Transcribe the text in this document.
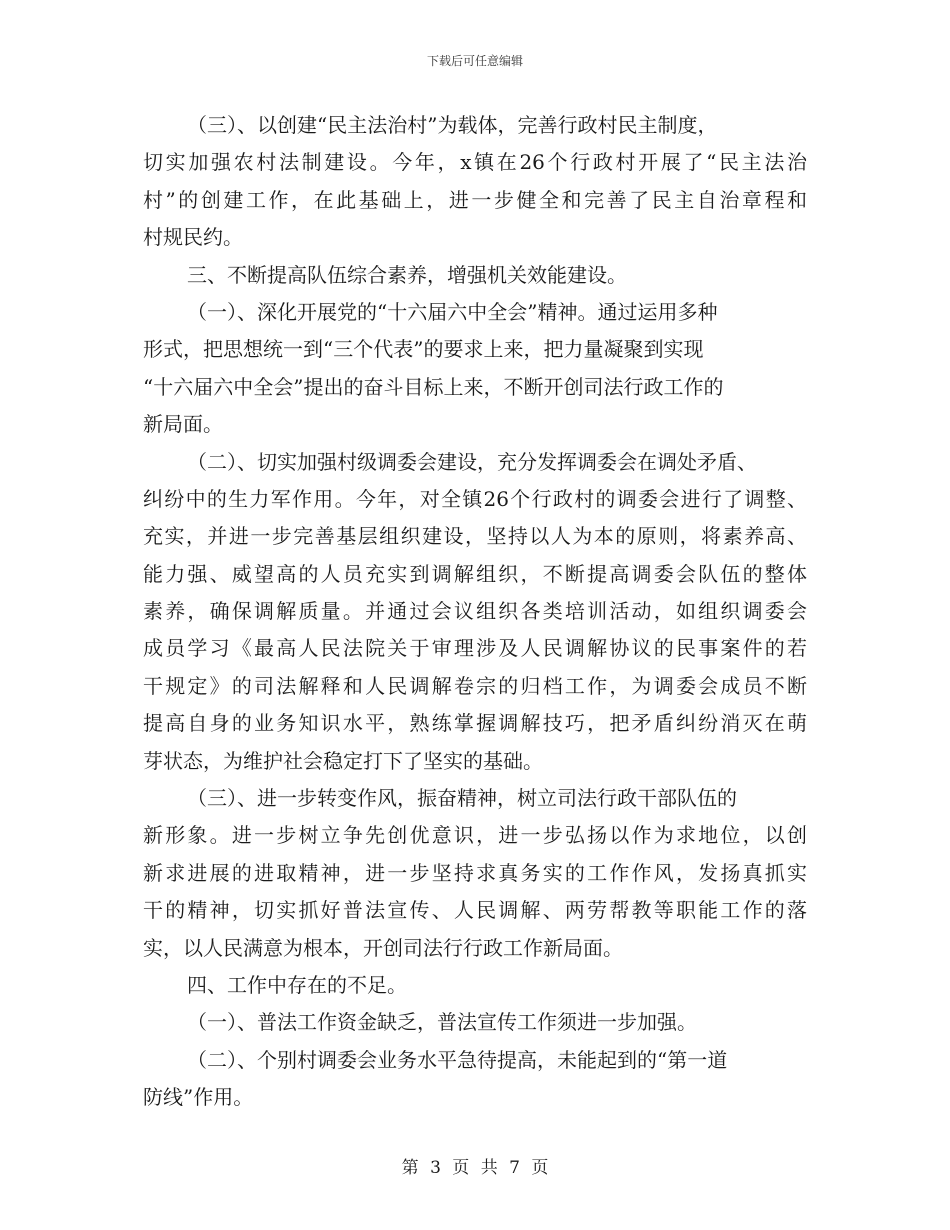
下载后可任意编辑
（三）、以创建“民主法治村”为载体，完善行政村民主制度，
切实加强农村法制建设。今年，x镇在26个行政村开展了“民主法治
村”的创建工作，在此基础上，进一步健全和完善了民主自治章程和
村规民约。
三、不断提高队伍综合素养，增强机关效能建设。
（一）、深化开展党的“十六届六中全会”精神。通过运用多种
形式，把思想统一到“三个代表”的要求上来，把力量凝聚到实现
“十六届六中全会”提出的奋斗目标上来，不断开创司法行政工作的
新局面。
（二）、切实加强村级调委会建设，充分发挥调委会在调处矛盾、
纠纷中的生力军作用。今年，对全镇26个行政村的调委会进行了调整、
充实，并进一步完善基层组织建设，坚持以人为本的原则，将素养高、
能力强、威望高的人员充实到调解组织，不断提高调委会队伍的整体
素养，确保调解质量。并通过会议组织各类培训活动，如组织调委会
成员学习《最高人民法院关于审理涉及人民调解协议的民事案件的若
干规定》的司法解释和人民调解卷宗的归档工作，为调委会成员不断
提高自身的业务知识水平，熟练掌握调解技巧，把矛盾纠纷消灭在萌
芽状态，为维护社会稳定打下了坚实的基础。
（三）、进一步转变作风，振奋精神，树立司法行政干部队伍的
新形象。进一步树立争先创优意识，进一步弘扬以作为求地位，以创
新求进展的进取精神，进一步坚持求真务实的工作作风，发扬真抓实
干的精神，切实抓好普法宣传、人民调解、两劳帮教等职能工作的落
实，以人民满意为根本，开创司法行行政工作新局面。
四、工作中存在的不足。
（一）、普法工作资金缺乏，普法宣传工作须进一步加强。
（二）、个别村调委会业务水平急待提高，未能起到的“第一道
防线”作用。
第 3 页 共 7 页
